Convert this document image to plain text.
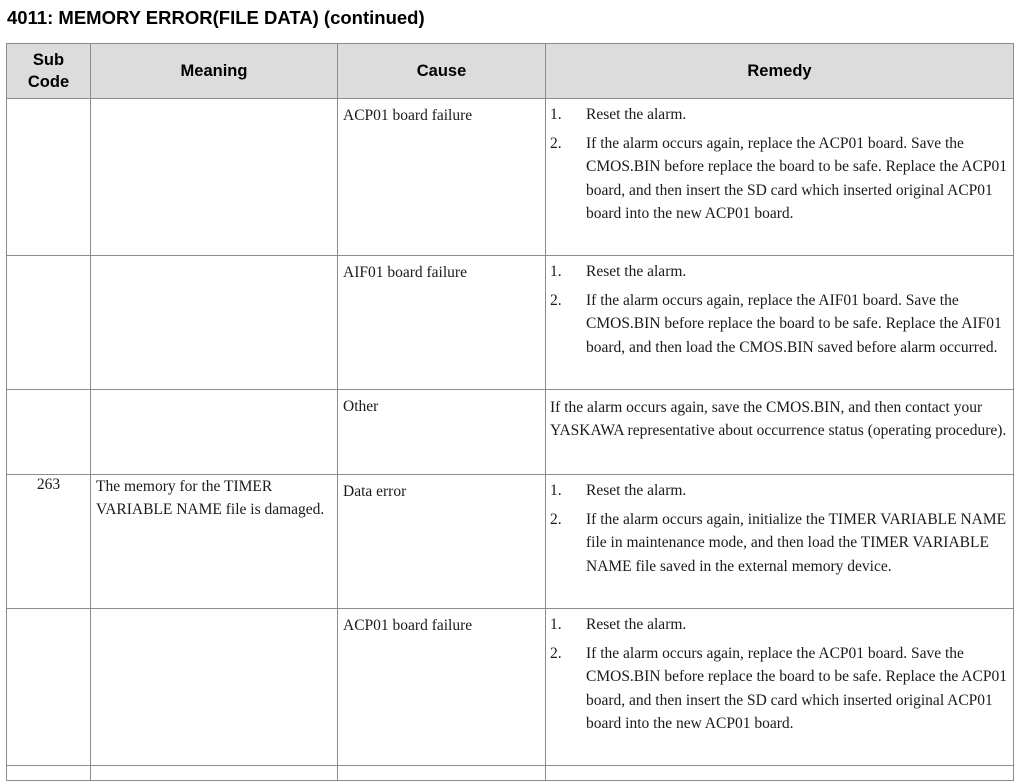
4011: MEMORY ERROR(FILE DATA) (continued)
Sub Code	Meaning	Cause	Remedy
		ACP01 board failure	1. Reset the alarm.
2. If the alarm occurs again, replace the ACP01 board. Save the CMOS.BIN before replace the board to be safe. Replace the ACP01 board, and then insert the SD card which inserted original ACP01 board into the new ACP01 board.

		AIF01 board failure	1. Reset the alarm.
2. If the alarm occurs again, replace the AIF01 board. Save the CMOS.BIN before replace the board to be safe. Replace the AIF01 board, and then load the CMOS.BIN saved before alarm occurred.

		Other	If the alarm occurs again, save the CMOS.BIN, and then contact your YASKAWA representative about occurrence status (operating procedure).

263	The memory for the TIMER VARIABLE NAME file is damaged.	Data error	1. Reset the alarm.
2. If the alarm occurs again, initialize the TIMER VARIABLE NAME file in maintenance mode, and then load the TIMER VARIABLE NAME file saved in the external memory device.

		ACP01 board failure	1. Reset the alarm.
2. If the alarm occurs again, replace the ACP01 board. Save the CMOS.BIN before replace the board to be safe. Replace the ACP01 board, and then insert the SD card which inserted original ACP01 board into the new ACP01 board.
